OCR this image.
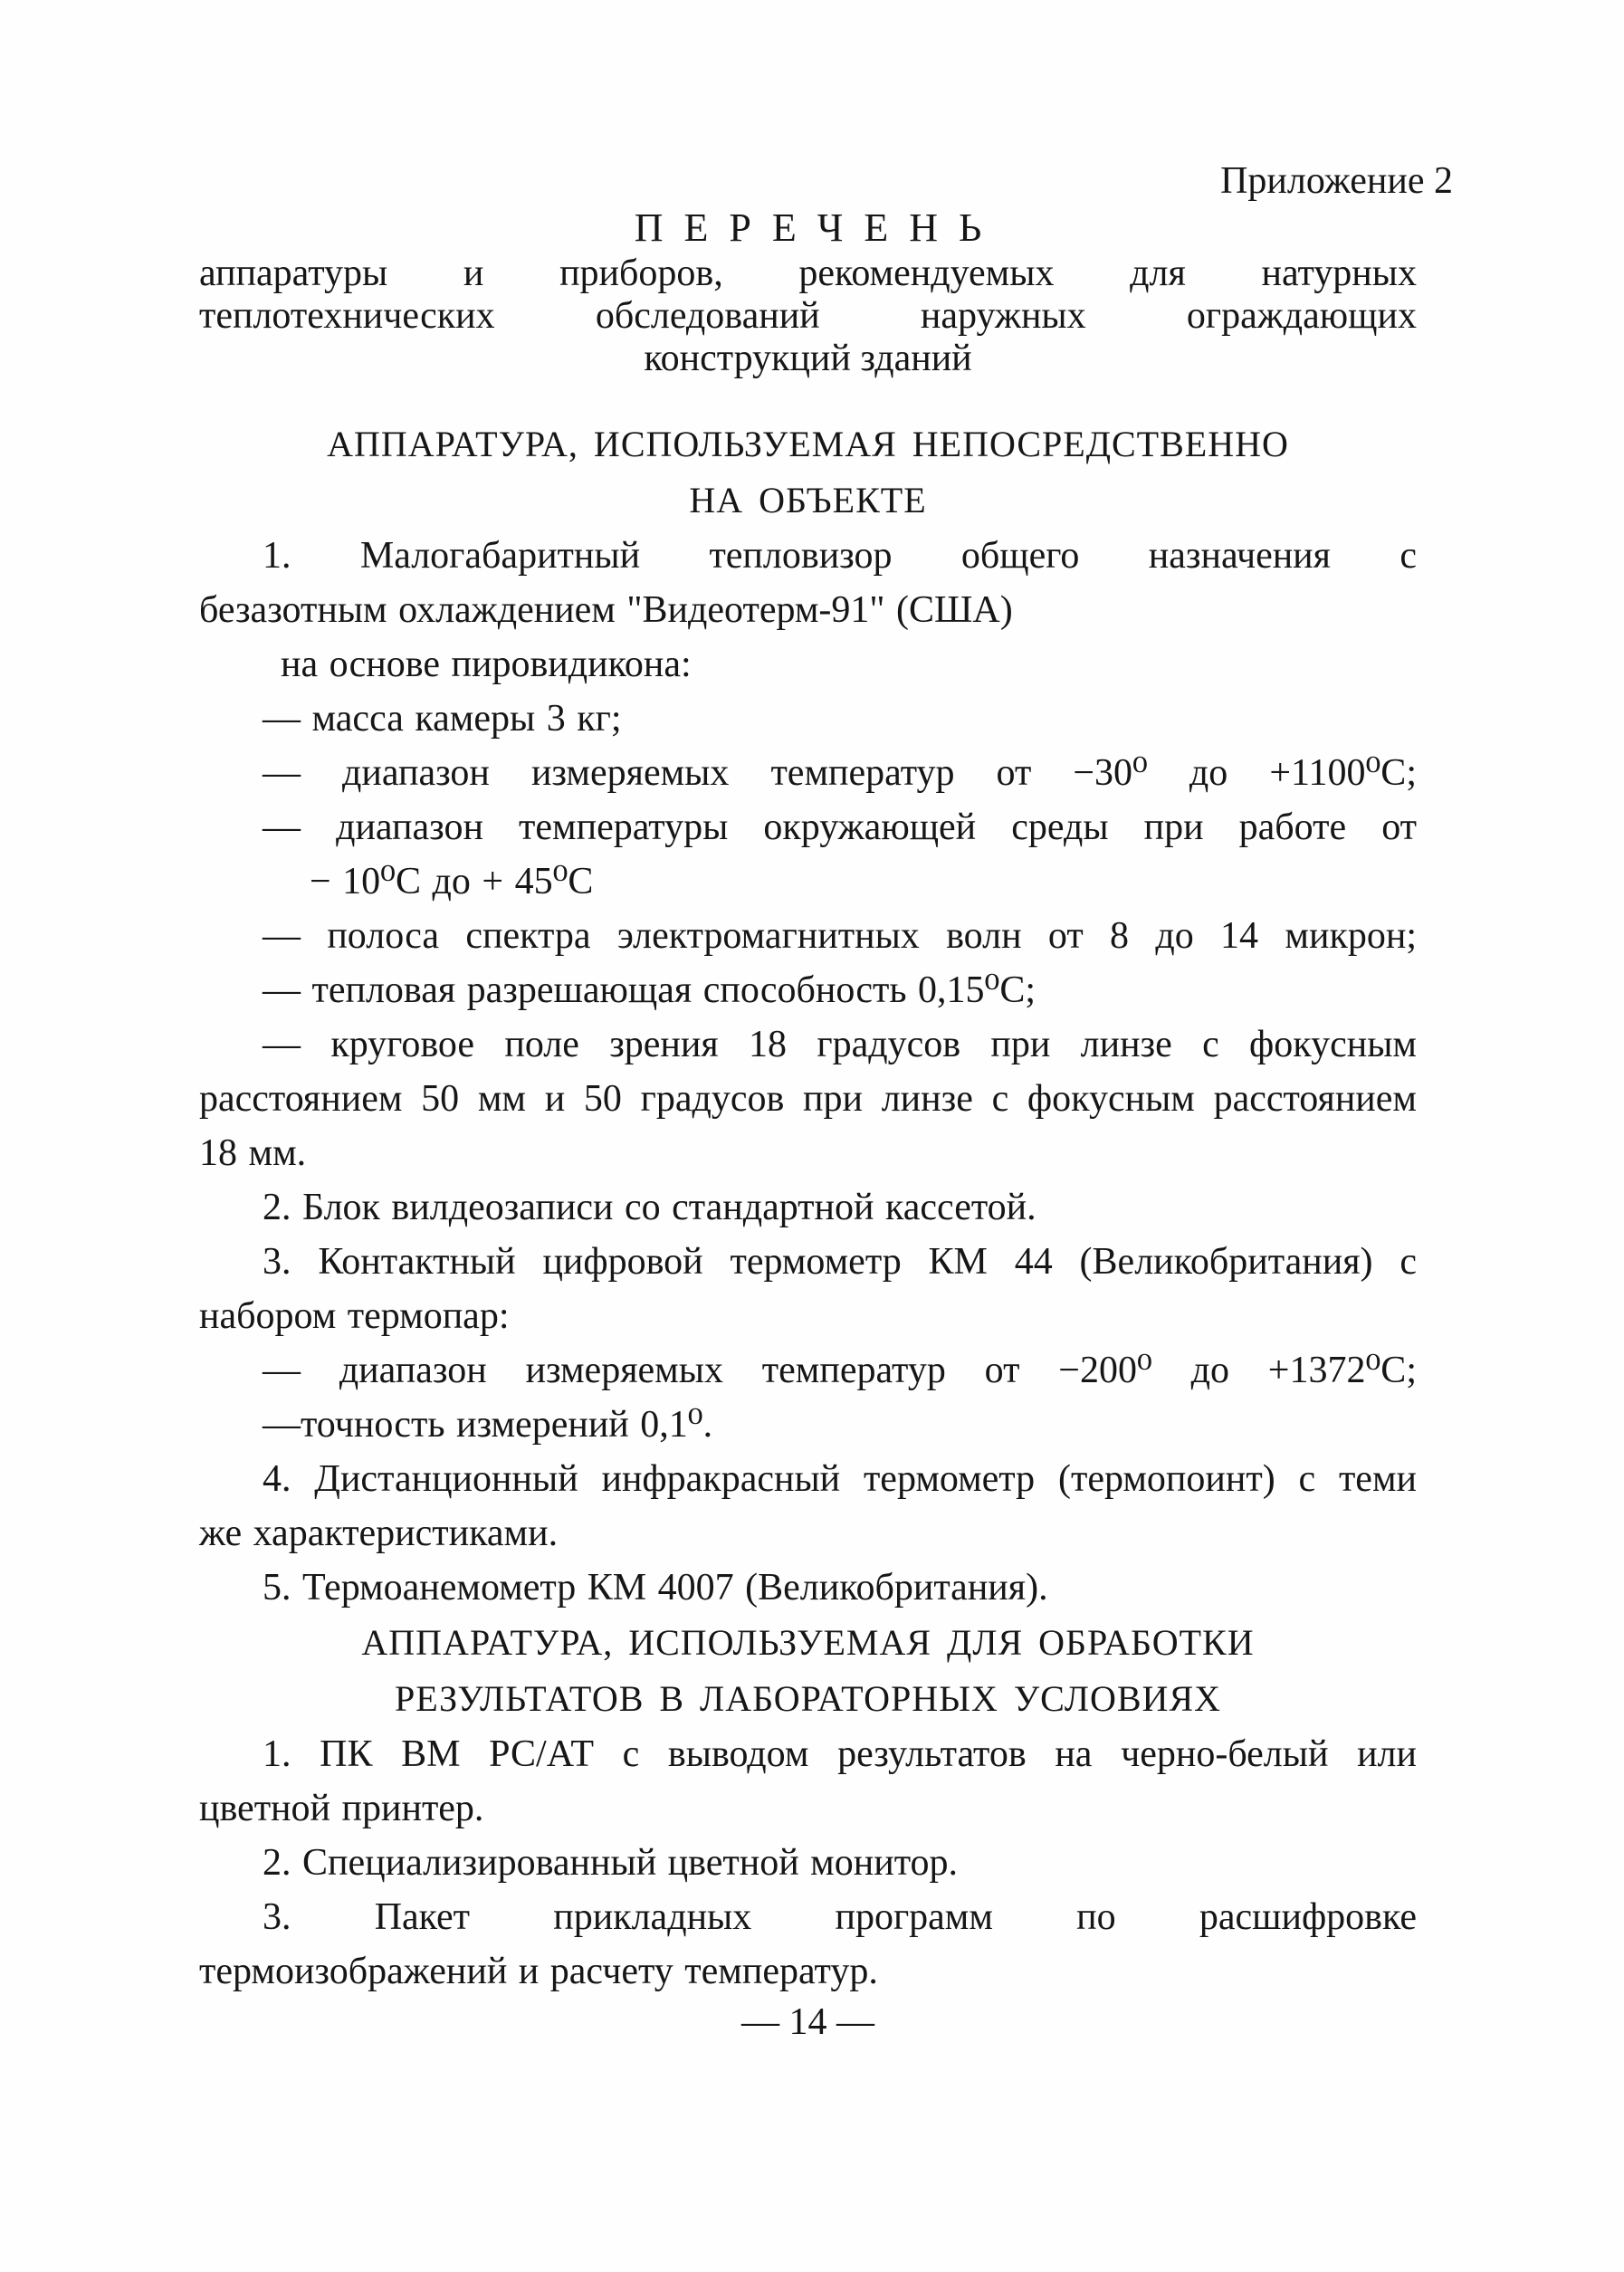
Приложение 2
П Е Р Е Ч Е Н Ь
аппаратуры и приборов, рекомендуемых для натурных
теплотехнических обследований наружных ограждающих
конструкций зданий
АППАРАТУРА, ИСПОЛЬЗУЕМАЯ НЕПОСРЕДСТВЕННО
НА ОБЪЕКТЕ
1. Малогабаритный тепловизор общего назначения с
безазотным охлаждением "Видеотерм-91" (США)
на основе пировидикона:
— масса камеры 3 кг;
— диапазон измеряемых температур от −30⁰ до +1100⁰С;
— диапазон температуры окружающей среды при работе от
− 10⁰С до + 45⁰С
— полоса спектра электромагнитных волн от 8 до 14 микрон;
— тепловая разрешающая способность 0,15⁰С;
— круговое поле зрения 18 градусов при линзе с фокусным
расстоянием 50 мм и 50 градусов при линзе с фокусным расстоянием
18 мм.
2. Блок вилдеозаписи со стандартной кассетой.
3. Контактный цифровой термометр КМ 44 (Великобритания) с
набором термопар:
— диапазон измеряемых температур от −200⁰ до +1372⁰С;
—точность измерений 0,1⁰.
4. Дистанционный инфракрасный термометр (термопоинт) с теми
же характеристиками.
5. Термоанемометр КМ 4007 (Великобритания).
АППАРАТУРА, ИСПОЛЬЗУЕМАЯ ДЛЯ ОБРАБОТКИ
РЕЗУЛЬТАТОВ В ЛАБОРАТОРНЫХ УСЛОВИЯХ
1. ПК ВМ РС/АТ с выводом результатов на черно-белый или
цветной принтер.
2. Специализированный цветной монитор.
3. Пакет прикладных программ по расшифровке
термоизображений и расчету температур.
— 14 —
